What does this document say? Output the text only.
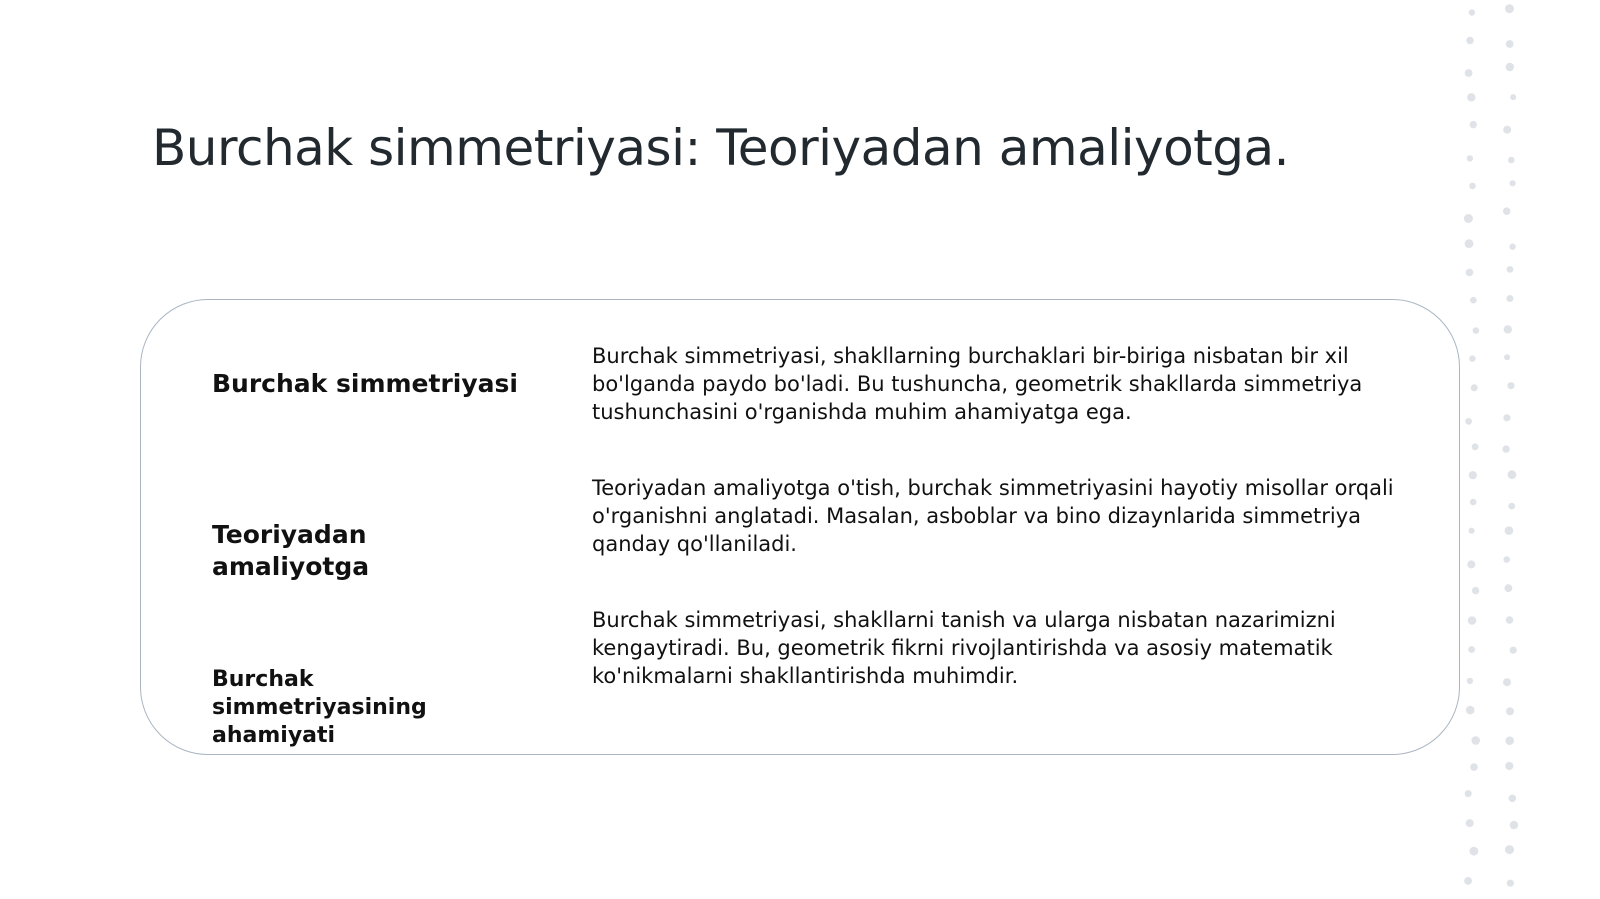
Burchak simmetriyasi: Teoriyadan amaliyotga.
Burchak simmetriyasi
Burchak simmetriyasi, shakllarning burchaklari bir-biriga nisbatan bir xil bo'lganda paydo bo'ladi. Bu tushuncha, geometrik shakllarda simmetriya tushunchasini o'rganishda muhim ahamiyatga ega.
Teoriyadan amaliyotga
Teoriyadan amaliyotga o'tish, burchak simmetriyasini hayotiy misollar orqali o'rganishni anglatadi. Masalan, asboblar va bino dizaynlarida simmetriya qanday qo'llaniladi.
Burchak simmetriyasining ahamiyati
Burchak simmetriyasi, shakllarni tanish va ularga nisbatan nazarimizni kengaytiradi. Bu, geometrik fikrni rivojlantirishda va asosiy matematik ko'nikmalarni shakllantirishda muhimdir.
